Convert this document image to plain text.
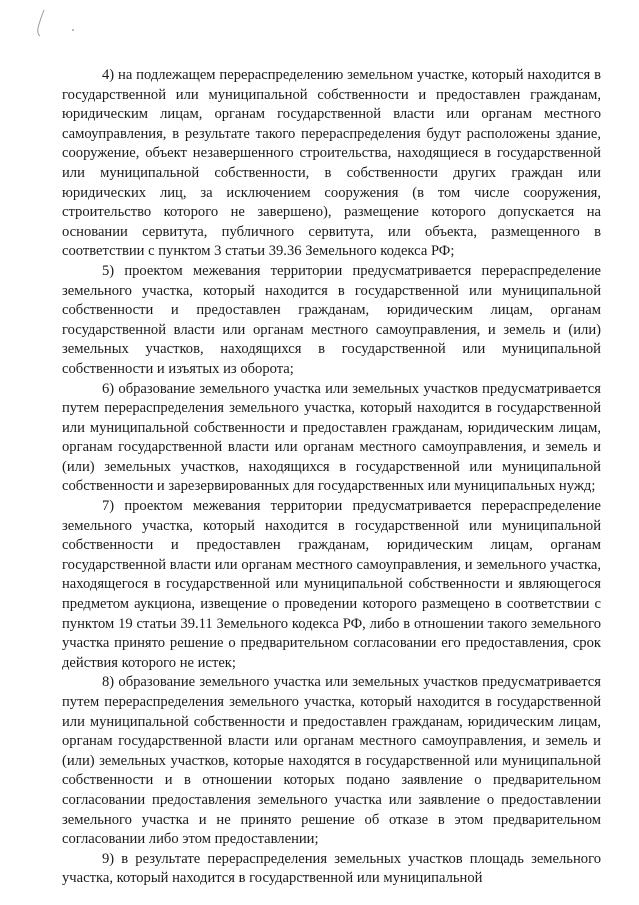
4) на подлежащем перераспределению земельном участке, который находится в государственной или муниципальной собственности и предоставлен гражданам, юридическим лицам, органам государственной власти или органам местного самоуправления, в результате такого перераспределения будут расположены здание, сооружение, объект незавершенного строительства, находящиеся в государственной или муниципальной собственности, в собственности других граждан или юридических лиц, за исключением сооружения (в том числе сооружения, строительство которого не завершено), размещение которого допускается на основании сервитута, публичного сервитута, или объекта, размещенного в соответствии с пунктом 3 статьи 39.36 Земельного кодекса РФ;

5) проектом межевания территории предусматривается перераспределение земельного участка, который находится в государственной или муниципальной собственности и предоставлен гражданам, юридическим лицам, органам государственной власти или органам местного самоуправления, и земель и (или) земельных участков, находящихся в государственной или муниципальной собственности и изъятых из оборота;

6) образование земельного участка или земельных участков предусматривается путем перераспределения земельного участка, который находится в государственной или муниципальной собственности и предоставлен гражданам, юридическим лицам, органам государственной власти или органам местного самоуправления, и земель и (или) земельных участков, находящихся в государственной или муниципальной собственности и зарезервированных для государственных или муниципальных нужд;

7) проектом межевания территории предусматривается перераспределение земельного участка, который находится в государственной или муниципальной собственности и предоставлен гражданам, юридическим лицам, органам государственной власти или органам местного самоуправления, и земельного участка, находящегося в государственной или муниципальной собственности и являющегося предметом аукциона, извещение о проведении которого размещено в соответствии с пунктом 19 статьи 39.11 Земельного кодекса РФ, либо в отношении такого земельного участка принято решение о предварительном согласовании его предоставления, срок действия которого не истек;

8) образование земельного участка или земельных участков предусматривается путем перераспределения земельного участка, который находится в государственной или муниципальной собственности и предоставлен гражданам, юридическим лицам, органам государственной власти или органам местного самоуправления, и земель и (или) земельных участков, которые находятся в государственной или муниципальной собственности и в отношении которых подано заявление о предварительном согласовании предоставления земельного участка или заявление о предоставлении земельного участка и не принято решение об отказе в этом предварительном согласовании либо этом предоставлении;

9) в результате перераспределения земельных участков площадь земельного участка, который находится в государственной или муниципальной
